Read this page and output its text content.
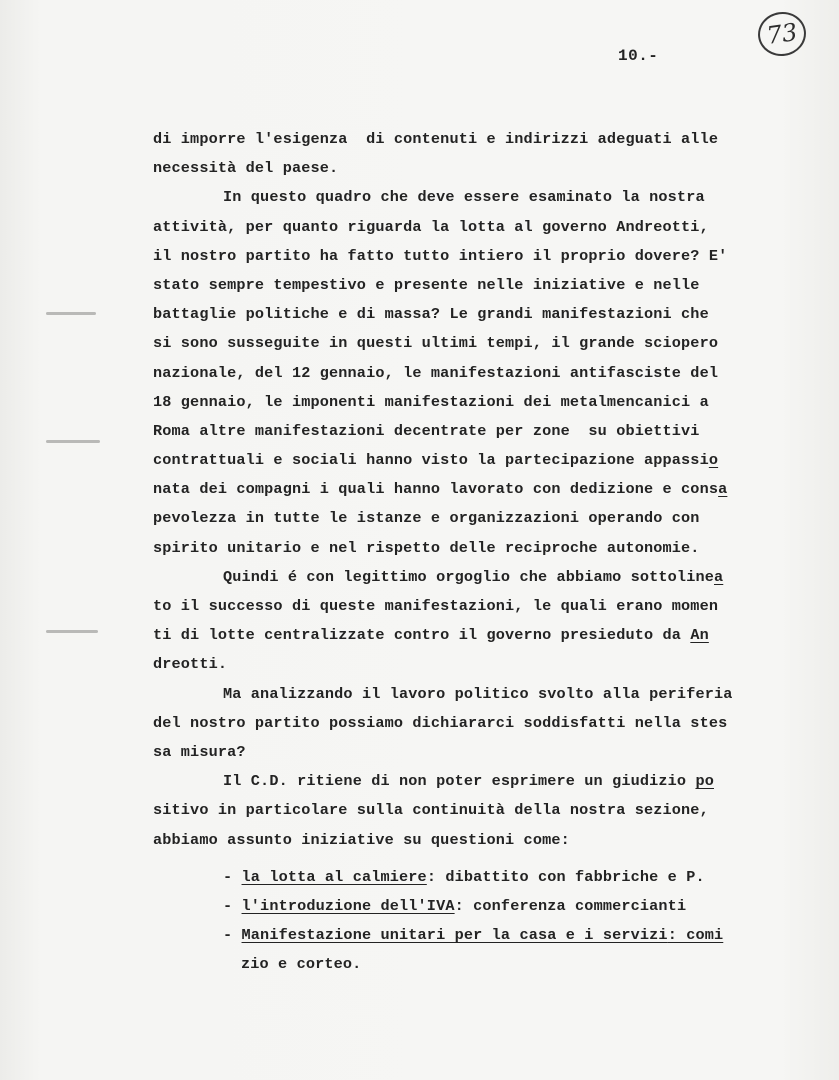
73
10.-
di imporre l'esigenza  di contenuti e indirizzi adeguati alle
necessità del paese.
In questo quadro che deve essere esaminato la nostra
attività, per quanto riguarda la lotta al governo Andreotti,
il nostro partito ha fatto tutto intiero il proprio dovere? E'
stato sempre tempestivo e presente nelle iniziative e nelle
battaglie politiche e di massa? Le grandi manifestazioni che
si sono susseguite in questi ultimi tempi, il grande sciopero
nazionale, del 12 gennaio, le manifestazioni antifasciste del
18 gennaio, le imponenti manifestazioni dei metalmencanici a
Roma altre manifestazioni decentrate per zone  su obiettivi
contrattuali e sociali hanno visto la partecipazione appassio
nata dei compagni i quali hanno lavorato con dedizione e consa
pevolezza in tutte le istanze e organizzazioni operando con
spirito unitario e nel rispetto delle reciproche autonomie.
Quindi é con legittimo orgoglio che abbiamo sottolinea
to il successo di queste manifestazioni, le quali erano momen
ti di lotte centralizzate contro il governo presieduto da An
dreotti.
Ma analizzando il lavoro politico svolto alla periferia
del nostro partito possiamo dichiararci soddisfatti nella stes
sa misura?
Il C.D. ritiene di non poter esprimere un giudizio po
sitivo in particolare sulla continuità della nostra sezione,
abbiamo assunto iniziative su questioni come:
- la lotta al calmiere: dibattito con fabbriche e P.
- l'introduzione dell'IVA: conferenza commercianti
- Manifestazione unitari per la casa e i servizi: comi
zio e corteo.
